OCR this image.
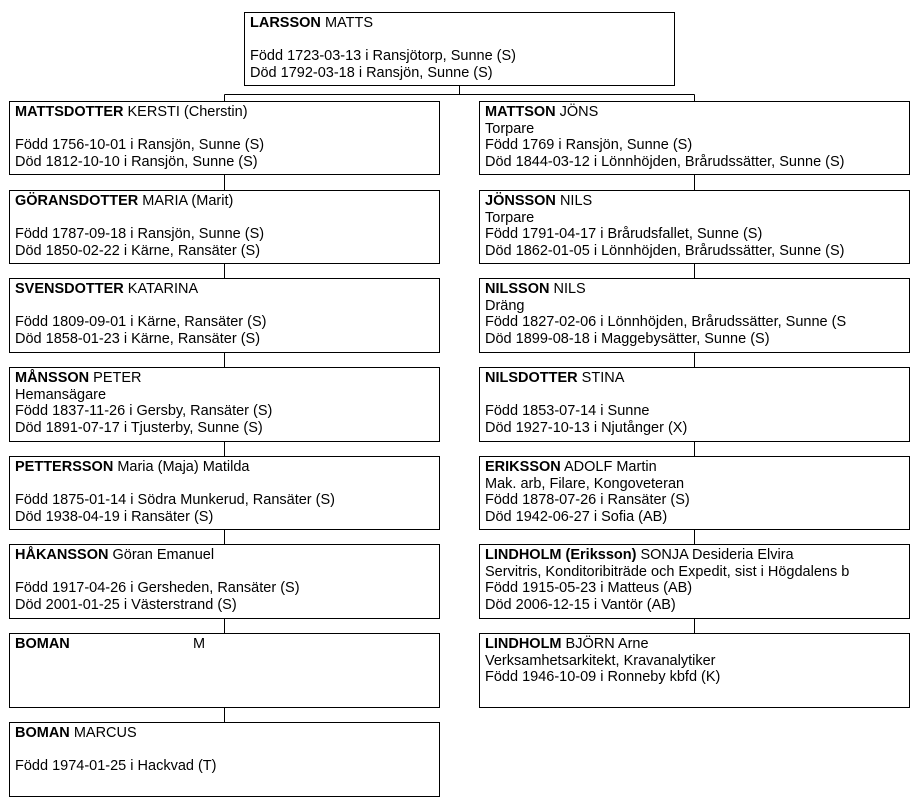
LARSSON MATTS
Född 1723-03-13 i Ransjötorp, Sunne (S)
Död 1792-03-18 i Ransjön, Sunne (S)
MATTSDOTTER KERSTI (Cherstin)
Född 1756-10-01 i Ransjön, Sunne (S)
Död 1812-10-10 i Ransjön, Sunne (S)
GÖRANSDOTTER MARIA (Marit)
Född 1787-09-18 i Ransjön, Sunne (S)
Död 1850-02-22 i Kärne, Ransäter (S)
SVENSDOTTER KATARINA
Född 1809-09-01 i Kärne, Ransäter (S)
Död 1858-01-23 i Kärne, Ransäter (S)
MÅNSSON PETER
Hemansägare
Född 1837-11-26 i Gersby, Ransäter (S)
Död 1891-07-17 i Tjusterby, Sunne (S)
PETTERSSON Maria (Maja) Matilda
Född 1875-01-14 i Södra Munkerud, Ransäter (S)
Död 1938-04-19 i Ransäter (S)
HÅKANSSON Göran Emanuel
Född 1917-04-26 i Gersheden, Ransäter (S)
Död 2001-01-25 i Västerstrand (S)
BOMAN	M
BOMAN MARCUS
Född 1974-01-25 i Hackvad (T)
MATTSON JÖNS
Torpare
Född 1769 i Ransjön, Sunne (S)
Död 1844-03-12 i Lönnhöjden, Brårudssätter, Sunne (S)
JÖNSSON NILS
Torpare
Född 1791-04-17 i Brårudsfallet, Sunne (S)
Död 1862-01-05 i Lönnhöjden, Brårudssätter, Sunne (S)
NILSSON NILS
Dräng
Född 1827-02-06 i Lönnhöjden, Brårudssätter, Sunne (S
Död 1899-08-18 i Maggebysätter, Sunne (S)
NILSDOTTER STINA
Född 1853-07-14 i Sunne
Död 1927-10-13 i Njutånger (X)
ERIKSSON ADOLF Martin
Mak. arb, Filare, Kongoveteran
Född 1878-07-26 i Ransäter (S)
Död 1942-06-27 i Sofia (AB)
LINDHOLM (Eriksson) SONJA Desideria Elvira
Servitris, Konditoribiträde och Expedit, sist i Högdalens b
Född 1915-05-23 i Matteus (AB)
Död 2006-12-15 i Vantör (AB)
LINDHOLM BJÖRN Arne
Verksamhetsarkitekt, Kravanalytiker
Född 1946-10-09 i Ronneby kbfd (K)
